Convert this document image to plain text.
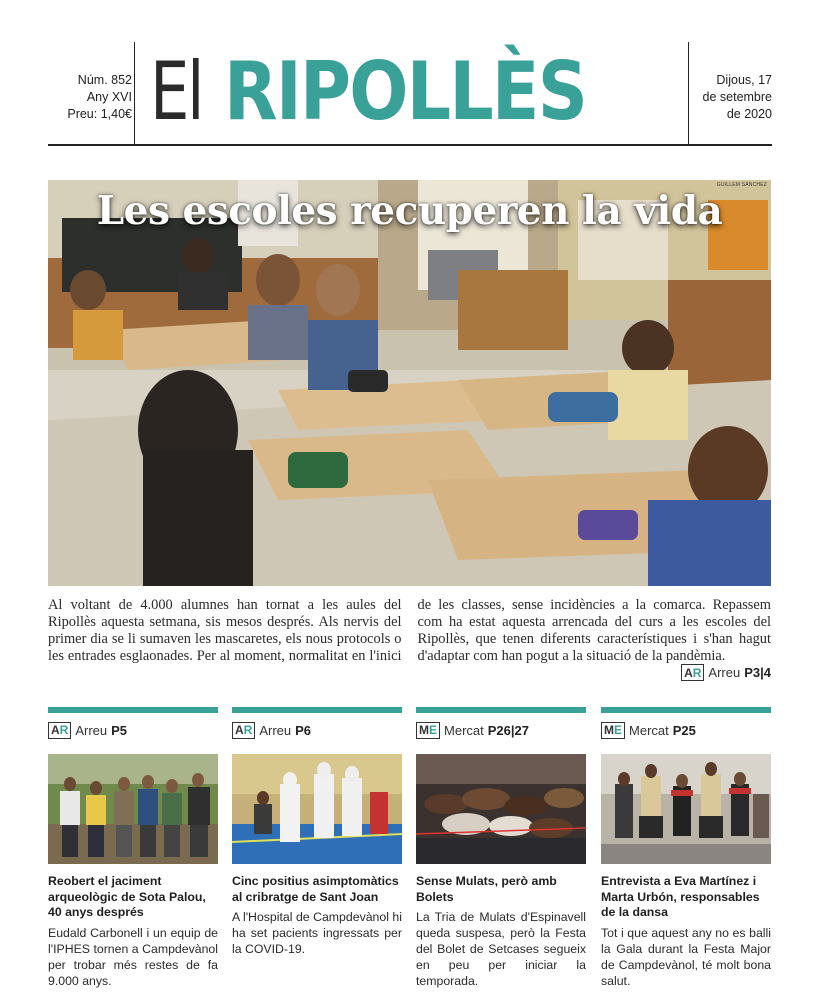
Núm. 852
Any XVI
Preu: 1,40€ El RIPOLLÈS	Dijous, 17
de setembre
de 2020
GUILLEM SÁNCHEZ
Les escoles recuperen la vida

Al voltant de 4.000 alumnes han tornat a les aules del Ripollès aquesta setmana, sis mesos després. Als nervis del primer dia se li sumaven les mascaretes, els nous protocols o les entrades esglaonades. Per al moment, normalitat en l'inici de les classes, sense incidències a la comarca. Repassem com ha estat aquesta arrencada del curs a les escoles del Ripollès, que tenen diferents característiques i s'han hagut d'adaptar com han pogut a la situació de la pandèmia.

A R Arreu P3|4
A R Arreu P5
Reobert el jaciment arqueològic de Sota Palou, 40 anys després
Eudald Carbonell i un equip de l'IPHES tornen a Campdevànol per trobar més restes de fa 9.000 anys.
A R Arreu P6
Cinc positius asimptomàtics al cribratge de Sant Joan
A l'Hospital de Campdevànol hi ha set pacients ingressats per la COVID-19.
M E Mercat P26|27
Sense Mulats, però amb Bolets
La Tria de Mulats d'Espinavell queda suspesa, però la Festa del Bolet de Setcases segueix en peu per iniciar la temporada.
M E Mercat P25
Entrevista a Eva Martínez i Marta Urbón, responsables de la dansa
Tot i que aquest any no es balli la Gala durant la Festa Major de Campdevànol, té molt bona salut.
